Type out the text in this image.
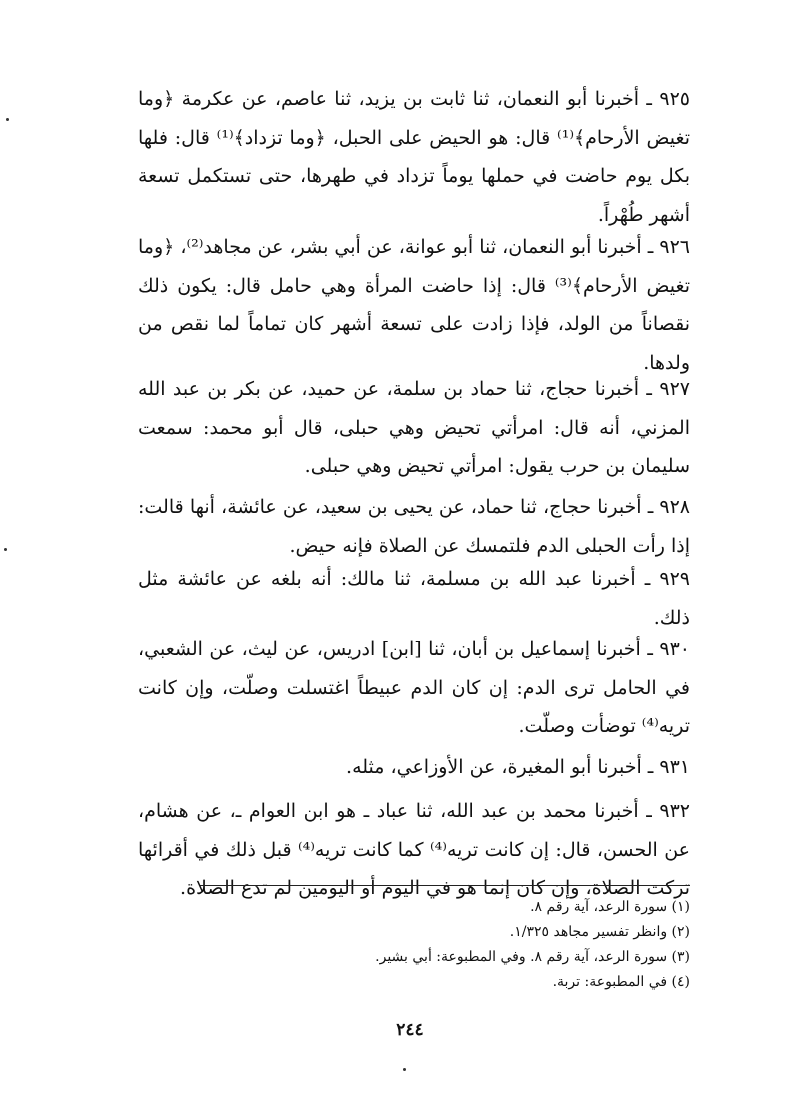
٩٢٥ ـ أخبرنا أبو النعمان، ثنا ثابت بن يزيد، ثنا عاصم، عن عكرمة ﴿وما تغيض الأرحام﴾⁽¹⁾ قال: هو الحيض على الحبل، ﴿وما تزداد﴾⁽¹⁾ قال: فلها بكل يوم حاضت في حملها يوماً تزداد في طهرها، حتى تستكمل تسعة أشهر طُهْراً.

٩٢٦ ـ أخبرنا أبو النعمان، ثنا أبو عوانة، عن أبي بشر، عن مجاهد⁽²⁾، ﴿وما تغيض الأرحام﴾⁽³⁾ قال: إذا حاضت المرأة وهي حامل قال: يكون ذلك نقصاناً من الولد، فإذا زادت على تسعة أشهر كان تماماً لما نقص من ولدها.

٩٢٧ ـ أخبرنا حجاج، ثنا حماد بن سلمة، عن حميد، عن بكر بن عبد الله المزني، أنه قال: امرأتي تحيض وهي حبلى، قال أبو محمد: سمعت سليمان بن حرب يقول: امرأتي تحيض وهي حبلى.

٩٢٨ ـ أخبرنا حجاج، ثنا حماد، عن يحيى بن سعيد، عن عائشة، أنها قالت: إذا رأت الحبلى الدم فلتمسك عن الصلاة فإنه حيض.

٩٢٩ ـ أخبرنا عبد الله بن مسلمة، ثنا مالك: أنه بلغه عن عائشة مثل ذلك.

٩٣٠ ـ أخبرنا إسماعيل بن أبان، ثنا [ابن] ادريس، عن ليث، عن الشعبي، في الحامل ترى الدم: إن كان الدم عبيطاً اغتسلت وصلّت، وإن كانت تريه⁽⁴⁾ توضأت وصلّت.

٩٣١ ـ أخبرنا أبو المغيرة، عن الأوزاعي، مثله.

٩٣٢ ـ أخبرنا محمد بن عبد الله، ثنا عباد ـ هو ابن العوام ـ، عن هشام، عن الحسن، قال: إن كانت تريه⁽⁴⁾ كما كانت تريه⁽⁴⁾ قبل ذلك في أقرائها تركت الصلاة، وإن كان إنما هو في اليوم أو اليومين لم تدع الصلاة.

(١) سورة الرعد، آية رقم ٨.

(٢) وانظر تفسير مجاهد ١/٣٢٥.

(٣) سورة الرعد، آية رقم ٨. وفي المطبوعة: أبي بشير.

(٤) في المطبوعة: تربة.

٢٤٤
